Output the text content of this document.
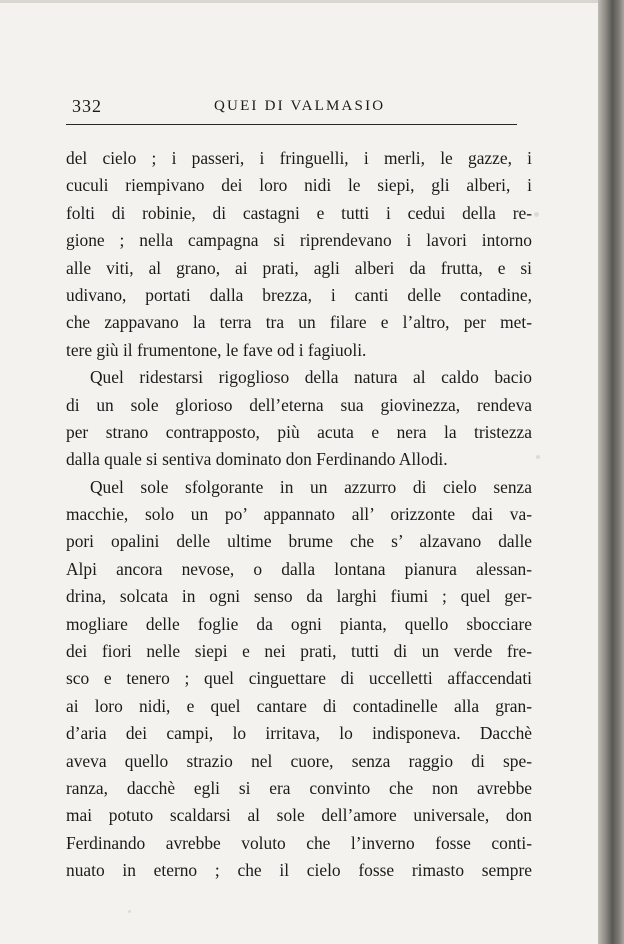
332	QUEI DI VALMASIO
del cielo ; i passeri, i fringuelli, i merli, le gazze, i
cuculi riempivano dei loro nidi le siepi, gli alberi, i
folti di robinie, di castagni e tutti i cedui della re-
gione ; nella campagna si riprendevano i lavori intorno
alle viti, al grano, ai prati, agli alberi da frutta, e si
udivano, portati dalla brezza, i canti delle contadine,
che zappavano la terra tra un filare e l’altro, per met-
tere giù il frumentone, le fave od i fagiuoli.
Quel ridestarsi rigoglioso della natura al caldo bacio
di un sole glorioso dell’eterna sua giovinezza, rendeva
per strano contrapposto, più acuta e nera la tristezza
dalla quale si sentiva dominato don Ferdinando Allodi.
Quel sole sfolgorante in un azzurro di cielo senza
macchie, solo un po’ appannato all’ orizzonte dai va-
pori opalini delle ultime brume che s’ alzavano dalle
Alpi ancora nevose, o dalla lontana pianura alessan-
drina, solcata in ogni senso da larghi fiumi ; quel ger-
mogliare delle foglie da ogni pianta, quello sbocciare
dei fiori nelle siepi e nei prati, tutti di un verde fre-
sco e tenero ; quel cinguettare di uccelletti affaccendati
ai loro nidi, e quel cantare di contadinelle alla gran-
d’aria dei campi, lo irritava, lo indisponeva. Dacchè
aveva quello strazio nel cuore, senza raggio di spe-
ranza, dacchè egli si era convinto che non avrebbe
mai potuto scaldarsi al sole dell’amore universale, don
Ferdinando avrebbe voluto che l’inverno fosse conti-
nuato in eterno ; che il cielo fosse rimasto sempre
